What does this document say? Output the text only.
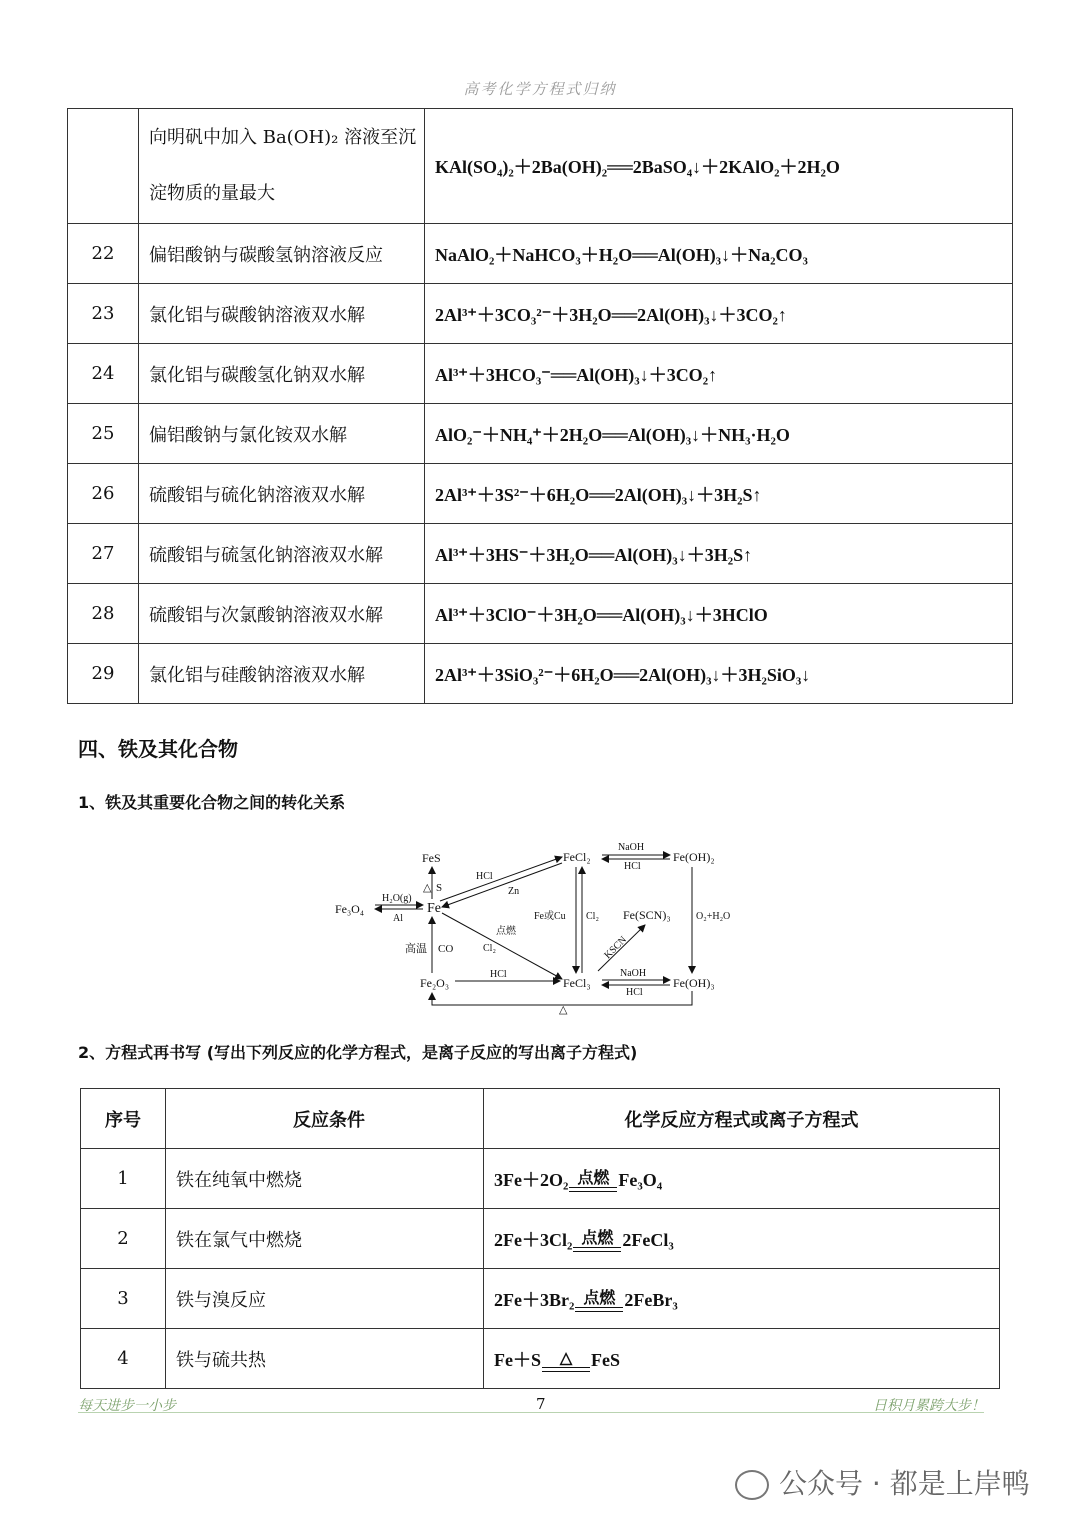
高考化学方程式归纳
	向明矾中加入 Ba(OH)₂ 溶液至沉淀物质的量最大	KAl(SO₄)₂＋2Ba(OH)₂══2BaSO₄↓＋2KAlO₂＋2H₂O
22	偏铝酸钠与碳酸氢钠溶液反应	NaAlO₂＋NaHCO₃＋H₂O══Al(OH)₃↓＋Na₂CO₃
23	氯化铝与碳酸钠溶液双水解	2Al³⁺＋3CO₃²⁻＋3H₂O══2Al(OH)₃↓＋3CO₂↑
24	氯化铝与碳酸氢化钠双水解	Al³⁺＋3HCO₃⁻══Al(OH)₃↓＋3CO₂↑
25	偏铝酸钠与氯化铵双水解	AlO₂⁻＋NH₄⁺＋2H₂O══Al(OH)₃↓＋NH₃·H₂O
26	硫酸铝与硫化钠溶液双水解	2Al³⁺＋3S²⁻＋6H₂O══2Al(OH)₃↓＋3H₂S↑
27	硫酸铝与硫氢化钠溶液双水解	Al³⁺＋3HS⁻＋3H₂O══Al(OH)₃↓＋3H₂S↑
28	硫酸铝与次氯酸钠溶液双水解	Al³⁺＋3ClO⁻＋3H₂O══Al(OH)₃↓＋3HClO
29	氯化铝与硅酸钠溶液双水解	2Al³⁺＋3SiO₃²⁻＋6H₂O══2Al(OH)₃↓＋3H₂SiO₃↓
四、铁及其化合物
1、铁及其重要化合物之间的转化关系
FeS
Fe₃O₄	Fe
Fe₂O₃
FeCl₂
FeCl₃
Fe(OH)₂
Fe(OH)₃
Fe(SCN)₃
△ S
H₂O(g)
Al
高温 CO
HCl
Zn
点燃
Cl₂
HCl
Fe或Cu Cl₂
KSCN
NaOH
HCl
NaOH
HCl
O₂+H₂O
△
2、方程式再书写 (写出下列反应的化学方程式，是离子反应的写出离子方程式)
序号	反应条件	化学反应方程式或离子方程式
1	铁在纯氧中燃烧	3Fe＋2O₂ 点燃 Fe₃O₄
2	铁在氯气中燃烧	2Fe＋3Cl₂ 点燃 2FeCl₃
3	铁与溴反应	2Fe＋3Br₂ 点燃 2FeBr₃
4	铁与硫共热	Fe＋S △ FeS
每天进步一小步	7	日积月累跨大步！
公众号 · 都是上岸鸭
